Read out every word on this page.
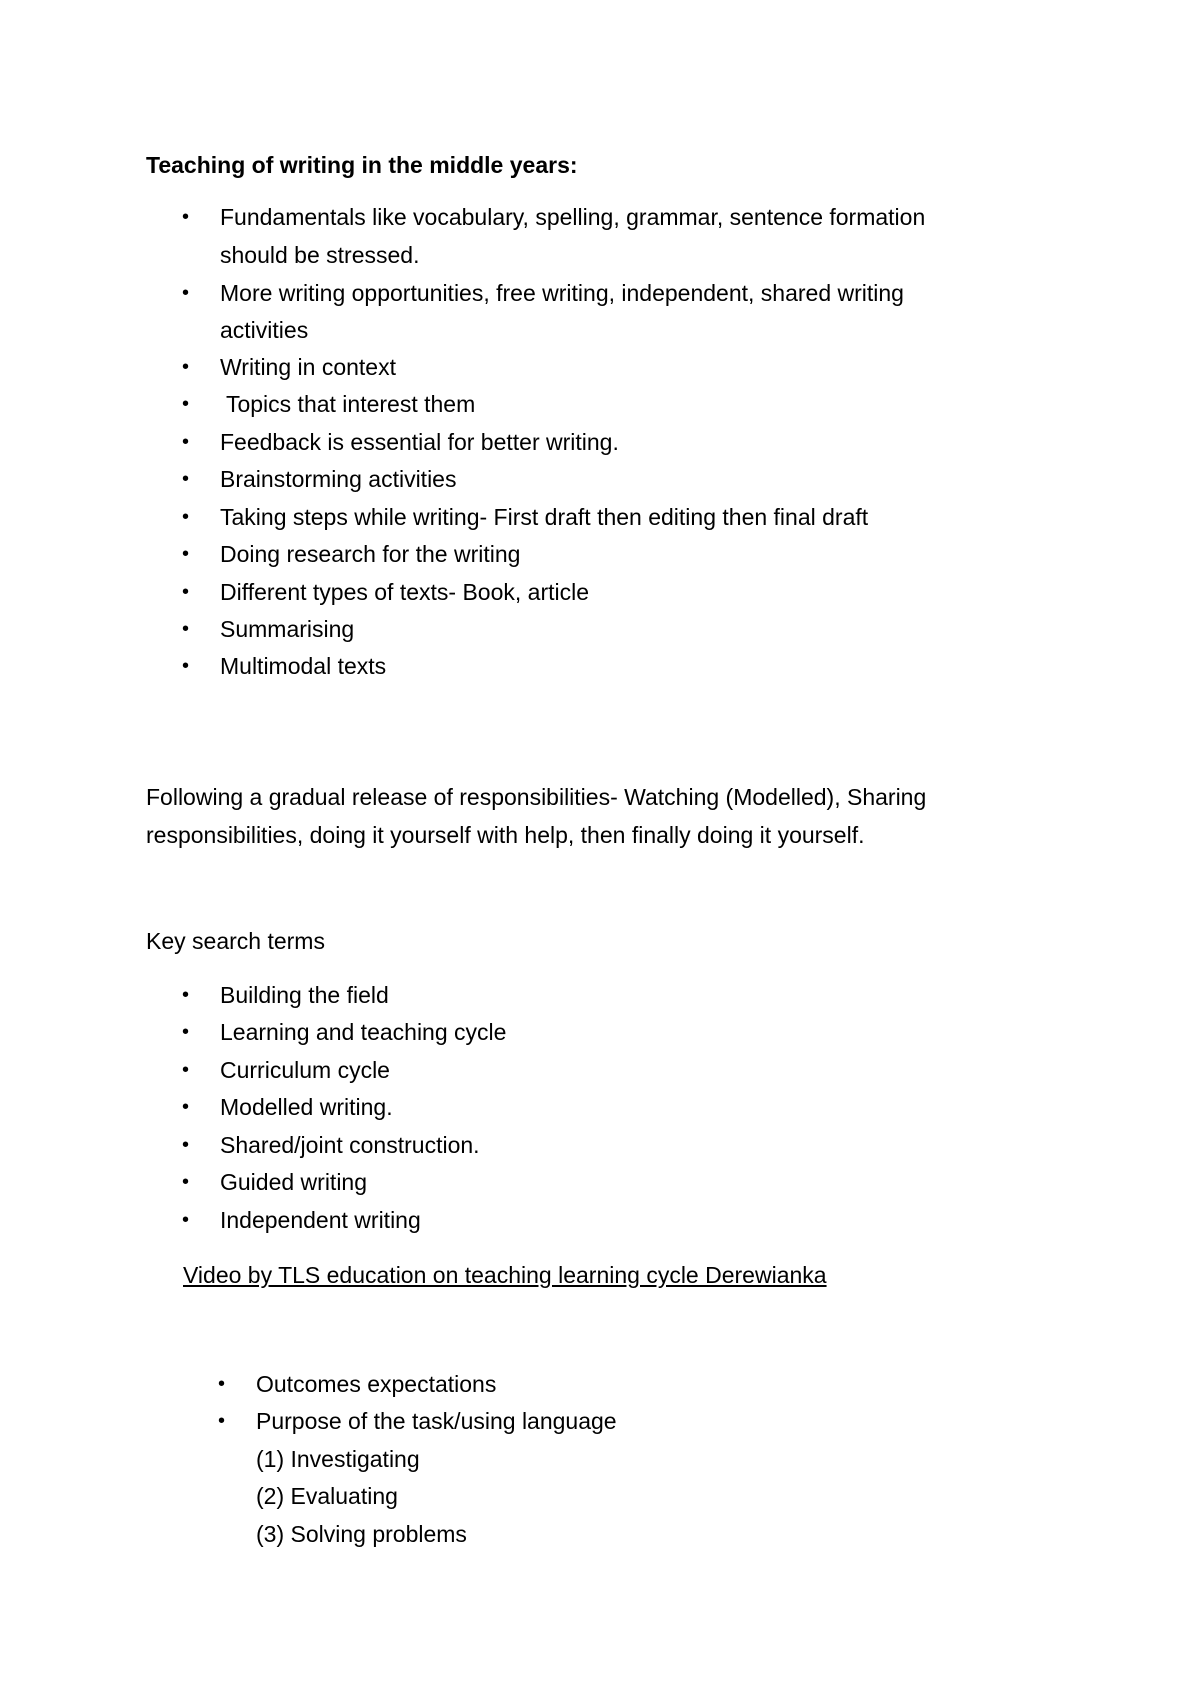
Teaching of writing in the middle years:
• Fundamentals like vocabulary, spelling, grammar, sentence formation
should be stressed.
• More writing opportunities, free writing, independent, shared writing
activities
• Writing in context
• Topics that interest them
• Feedback is essential for better writing.
• Brainstorming activities
• Taking steps while writing- First draft then editing then final draft
• Doing research for the writing
• Different types of texts- Book, article
• Summarising
• Multimodal texts
Following a gradual release of responsibilities- Watching (Modelled), Sharing
responsibilities, doing it yourself with help, then finally doing it yourself.
Key search terms
• Building the field
• Learning and teaching cycle
• Curriculum cycle
• Modelled writing.
• Shared/joint construction.
• Guided writing
• Independent writing
Video by TLS education on teaching learning cycle Derewianka
• Outcomes expectations
• Purpose of the task/using language
(1) Investigating
(2) Evaluating
(3) Solving problems
